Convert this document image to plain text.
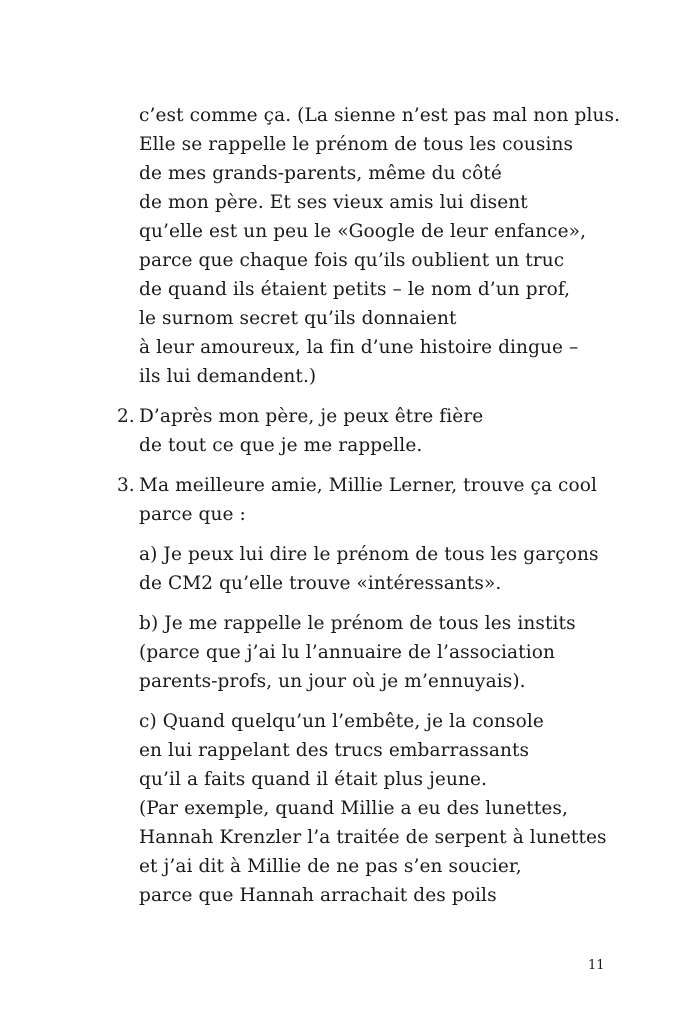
c’est comme ça. (La sienne n’est pas mal non plus.
Elle se rappelle le prénom de tous les cousins
de mes grands-parents, même du côté
de mon père. Et ses vieux amis lui disent
qu’elle est un peu le «Google de leur enfance»,
parce que chaque fois qu’ils oublient un truc
de quand ils étaient petits – le nom d’un prof,
le surnom secret qu’ils donnaient
à leur amoureux, la fin d’une histoire dingue –
ils lui demandent.)
2. D’après mon père, je peux être fière
de tout ce que je me rappelle.
3. Ma meilleure amie, Millie Lerner, trouve ça cool
parce que :
a) Je peux lui dire le prénom de tous les garçons
de CM2 qu’elle trouve «intéressants».
b) Je me rappelle le prénom de tous les instits
(parce que j’ai lu l’annuaire de l’association
parents-profs, un jour où je m’ennuyais).
c) Quand quelqu’un l’embête, je la console
en lui rappelant des trucs embarrassants
qu’il a faits quand il était plus jeune.
(Par exemple, quand Millie a eu des lunettes,
Hannah Krenzler l’a traitée de serpent à lunettes
et j’ai dit à Millie de ne pas s’en soucier,
parce que Hannah arrachait des poils
11
